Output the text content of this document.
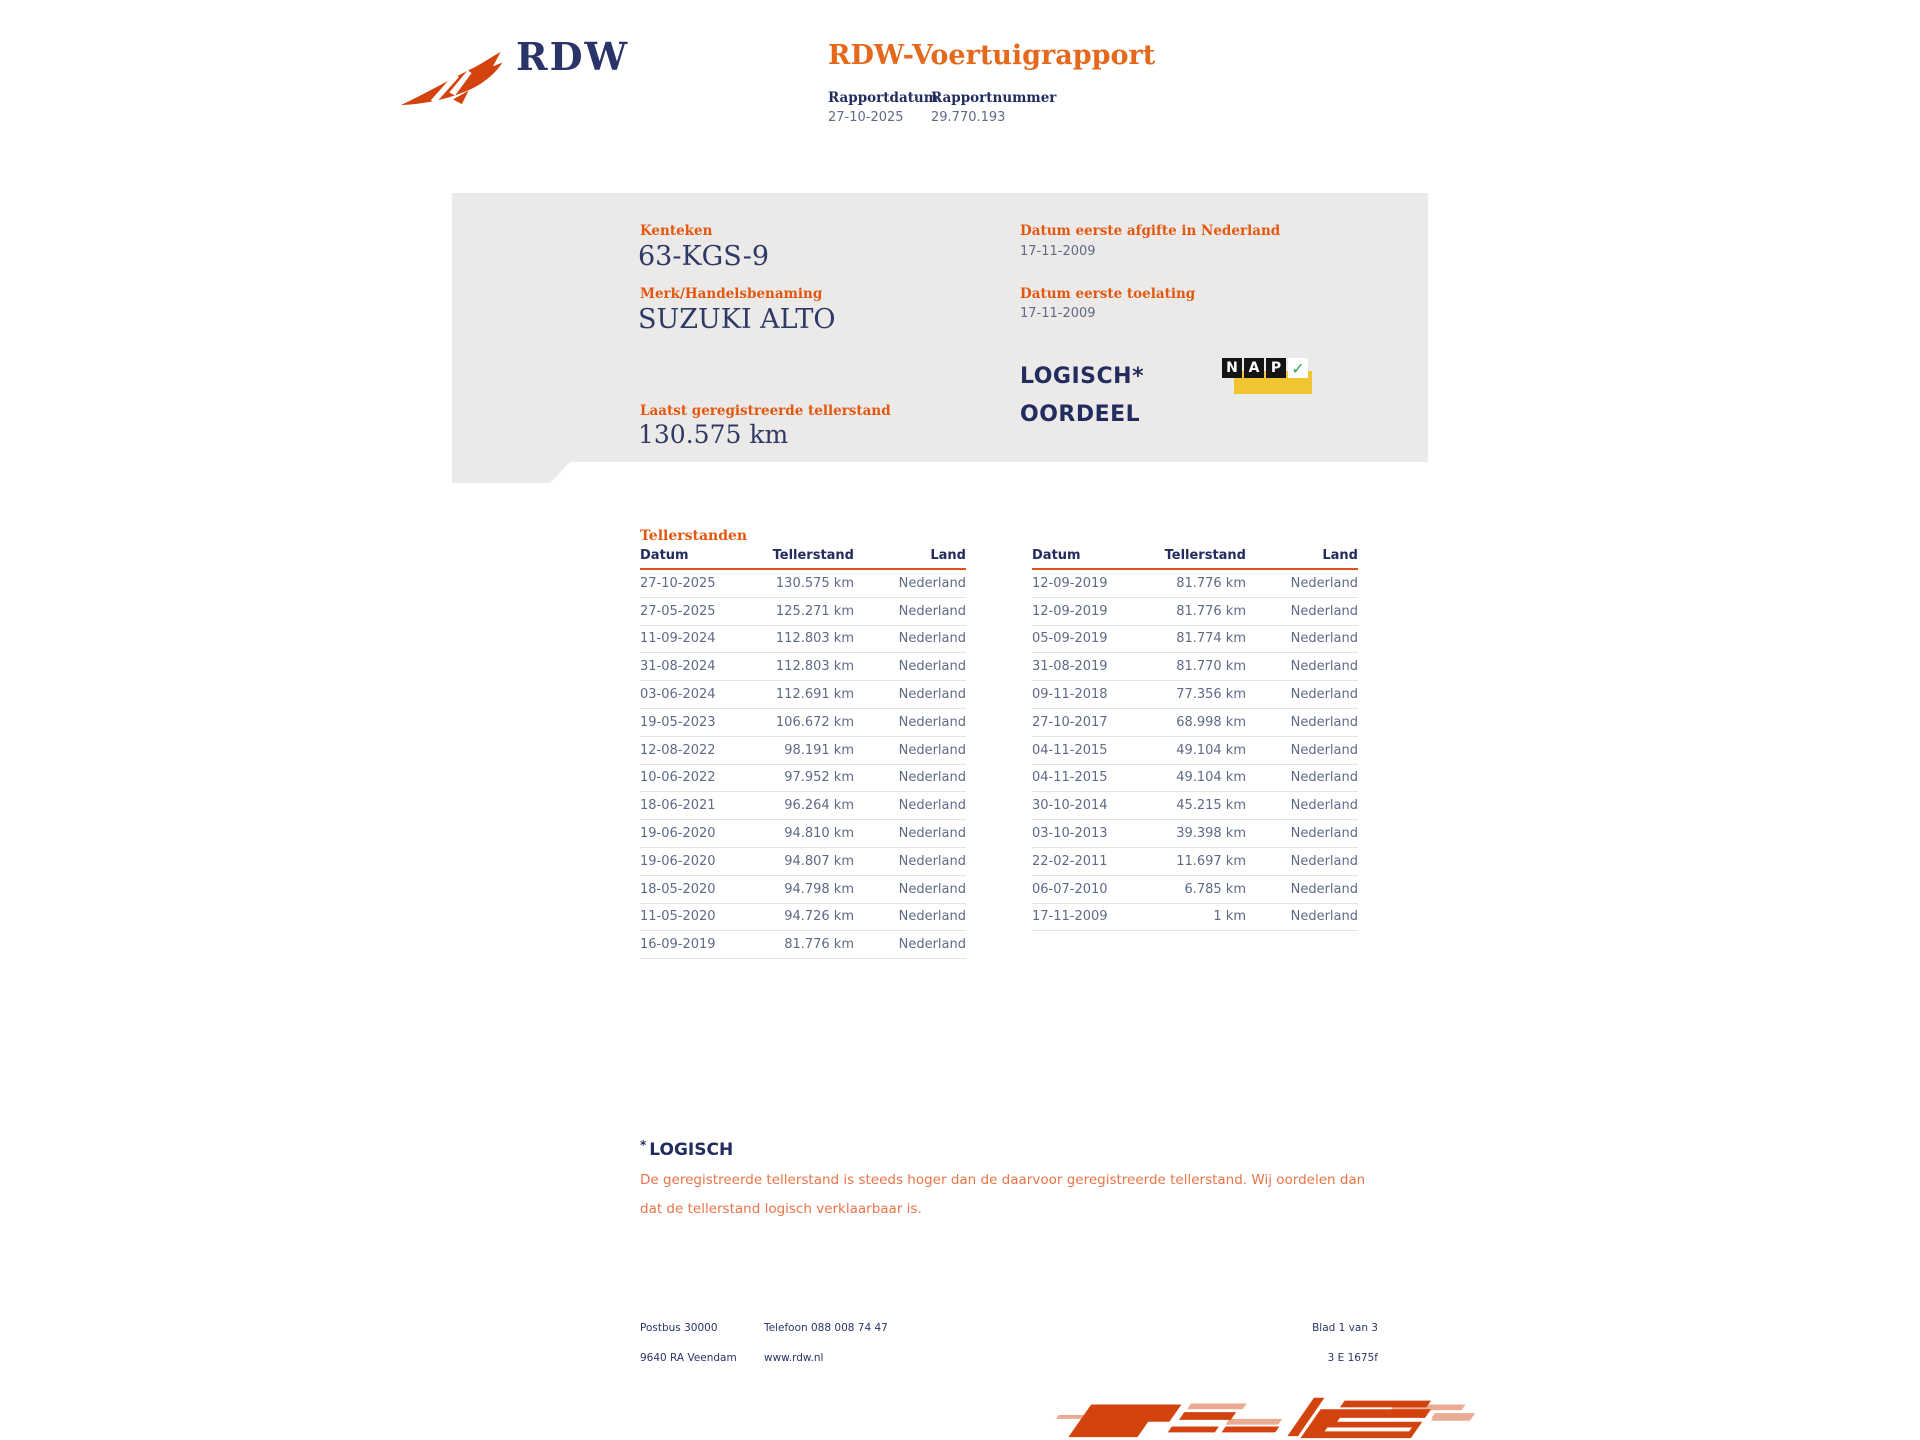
RDW	RDW-Voertuigrapport
Rapportdatum
Rapportnummer
27-10-2025 29.770.193
Kenteken
63-KGS-9
Merk/Handelsbenaming
SUZUKI ALTO
Laatst geregistreerde tellerstand
130.575 km
Datum eerste afgifte in Nederland
17-11-2009
Datum eerste toelating
17-11-2009
LOGISCH*
OORDEEL
N A P ✓
Tellerstanden
Datum	Tellerstand	Land
27-10-2025	130.575 km	Nederland
27-05-2025	125.271 km	Nederland
11-09-2024	112.803 km	Nederland
31-08-2024	112.803 km	Nederland
03-06-2024	112.691 km	Nederland
19-05-2023	106.672 km	Nederland
12-08-2022	98.191 km	Nederland
10-06-2022	97.952 km	Nederland
18-06-2021	96.264 km	Nederland
19-06-2020	94.810 km	Nederland
19-06-2020	94.807 km	Nederland
18-05-2020	94.798 km	Nederland
11-05-2020	94.726 km	Nederland
16-09-2019	81.776 km	Nederland
Datum	Tellerstand	Land
12-09-2019	81.776 km	Nederland
12-09-2019	81.776 km	Nederland
05-09-2019	81.774 km	Nederland
31-08-2019	81.770 km	Nederland
09-11-2018	77.356 km	Nederland
27-10-2017	68.998 km	Nederland
04-11-2015	49.104 km	Nederland
04-11-2015	49.104 km	Nederland
30-10-2014	45.215 km	Nederland
03-10-2013	39.398 km	Nederland
22-02-2011	11.697 km	Nederland
06-07-2010	6.785 km	Nederland
17-11-2009	1 km	Nederland
* LOGISCH
De geregistreerde tellerstand is steeds hoger dan de daarvoor geregistreerde tellerstand. Wij oordelen dan dat de tellerstand logisch verklaarbaar is.
Postbus 30000
9640 RA Veendam
Telefoon 088 008 74 47
www.rdw.nl
Blad 1 van 3
3 E 1675f
